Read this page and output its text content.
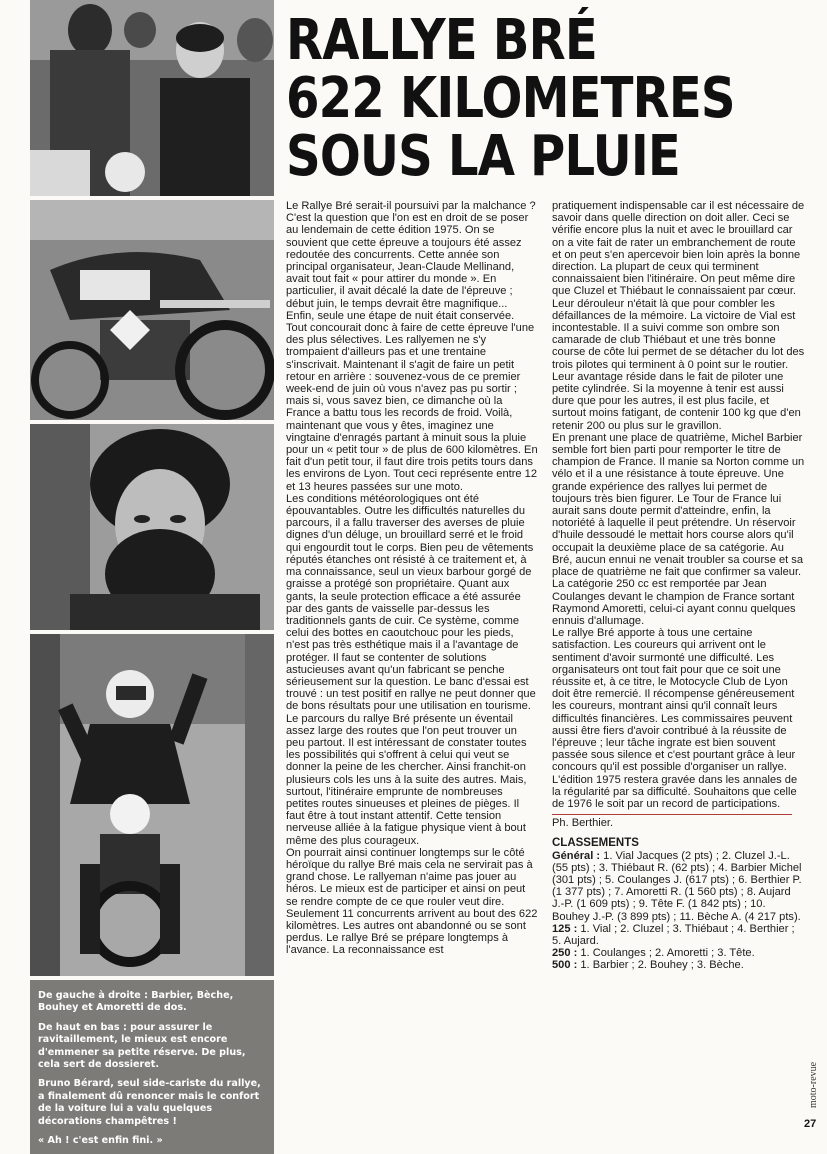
De gauche à droite : Barbier, Bèche, Bouhey et Amoretti de dos.

De haut en bas : pour assurer le ravitaillement, le mieux est encore d'emmener sa petite réserve. De plus, cela sert de dossieret.

Bruno Bérard, seul side-cariste du rallye, a finalement dû renoncer mais le confort de la voiture lui a valu quelques décorations champêtres !

« Ah ! c'est enfin fini. »

RALLYE BRÉ
622 KILOMETRES
SOUS LA PLUIE

Le Rallye Bré serait-il poursuivi par la malchance ? C'est la question que l'on est en droit de se poser au lendemain de cette édition 1975. On se souvient que cette épreuve a toujours été assez redoutée des concurrents. Cette année son principal organisateur, Jean-Claude Mellinand, avait tout fait « pour attirer du monde ». En particulier, il avait décalé la date de l'épreuve ; début juin, le temps devrait être magnifique... Enfin, seule une étape de nuit était conservée.

Tout concourait donc à faire de cette épreuve l'une des plus sélectives. Les rallyemen ne s'y trompaient d'ailleurs pas et une trentaine s'inscrivait. Maintenant il s'agit de faire un petit retour en arrière : souvenez-vous de ce premier week-end de juin où vous n'avez pas pu sortir ; mais si, vous savez bien, ce dimanche où la France a battu tous les records de froid. Voilà, maintenant que vous y êtes, imaginez une vingtaine d'enragés partant à minuit sous la pluie pour un « petit tour » de plus de 600 kilomètres. En fait d'un petit tour, il faut dire trois petits tours dans les environs de Lyon. Tout ceci représente entre 12 et 13 heures passées sur une moto.

Les conditions météorologiques ont été épouvantables. Outre les difficultés naturelles du parcours, il a fallu traverser des averses de pluie dignes d'un déluge, un brouillard serré et le froid qui engourdit tout le corps. Bien peu de vêtements réputés étanches ont résisté à ce traitement et, à ma connaissance, seul un vieux barbour gorgé de graisse a protégé son propriétaire. Quant aux gants, la seule protection efficace a été assurée par des gants de vaisselle par-dessus les traditionnels gants de cuir. Ce système, comme celui des bottes en caoutchouc pour les pieds, n'est pas très esthétique mais il a l'avantage de protéger. Il faut se contenter de solutions astucieuses avant qu'un fabricant se penche sérieusement sur la question. Le banc d'essai est trouvé : un test positif en rallye ne peut donner que de bons résultats pour une utilisation en tourisme.

Le parcours du rallye Bré présente un éventail assez large des routes que l'on peut trouver un peu partout. Il est intéressant de constater toutes les possibilités qui s'offrent à celui qui veut se donner la peine de les chercher. Ainsi franchit-on plusieurs cols les uns à la suite des autres. Mais, surtout, l'itinéraire emprunte de nombreuses petites routes sinueuses et pleines de pièges. Il faut être à tout instant attentif. Cette tension nerveuse alliée à la fatigue physique vient à bout même des plus courageux.

On pourrait ainsi continuer longtemps sur le côté héroïque du rallye Bré mais cela ne servirait pas à grand chose. Le rallyeman n'aime pas jouer au héros. Le mieux est de participer et ainsi on peut se rendre compte de ce que rouler veut dire.

Seulement 11 concurrents arrivent au bout des 622 kilomètres. Les autres ont abandonné ou se sont perdus. Le rallye Bré se prépare longtemps à l'avance. La reconnaissance est

pratiquement indispensable car il est nécessaire de savoir dans quelle direction on doit aller. Ceci se vérifie encore plus la nuit et avec le brouillard car on a vite fait de rater un embranchement de route et on peut s'en apercevoir bien loin après la bonne direction. La plupart de ceux qui terminent connaissaient bien l'itinéraire. On peut même dire que Cluzel et Thiébaut le connaissaient par cœur. Leur dérouleur n'était là que pour combler les défaillances de la mémoire. La victoire de Vial est incontestable. Il a suivi comme son ombre son camarade de club Thiébaut et une très bonne course de côte lui permet de se détacher du lot des trois pilotes qui terminent à 0 point sur le routier. Leur avantage réside dans le fait de piloter une petite cylindrée. Si la moyenne à tenir est aussi dure que pour les autres, il est plus facile, et surtout moins fatigant, de contenir 100 kg que d'en retenir 200 ou plus sur le gravillon.

En prenant une place de quatrième, Michel Barbier semble fort bien parti pour remporter le titre de champion de France. Il manie sa Norton comme un vélo et il a une résistance à toute épreuve. Une grande expérience des rallyes lui permet de toujours très bien figurer. Le Tour de France lui aurait sans doute permit d'atteindre, enfin, la notoriété à laquelle il peut prétendre. Un réservoir d'huile dessoudé le mettait hors course alors qu'il occupait la deuxième place de sa catégorie. Au Bré, aucun ennui ne venait troubler sa course et sa place de quatrième ne fait que confirmer sa valeur. La catégorie 250 cc est remportée par Jean Coulanges devant le champion de France sortant Raymond Amoretti, celui-ci ayant connu quelques ennuis d'allumage.

Le rallye Bré apporte à tous une certaine satisfaction. Les coureurs qui arrivent ont le sentiment d'avoir surmonté une difficulté. Les organisateurs ont tout fait pour que ce soit une réussite et, à ce titre, le Motocycle Club de Lyon doit être remercié. Il récompense généreusement les coureurs, montrant ainsi qu'il connaît leurs difficultés financières. Les commissaires peuvent aussi être fiers d'avoir contribué à la réussite de l'épreuve ; leur tâche ingrate est bien souvent passée sous silence et c'est pourtant grâce à leur concours qu'il est possible d'organiser un rallye. L'édition 1975 restera gravée dans les annales de la régularité par sa difficulté. Souhaitons que celle de 1976 le soit par un record de participations.

Ph. Berthier.

CLASSEMENTS

Général : 1. Vial Jacques (2 pts) ; 2. Cluzel J.-L. (55 pts) ; 3. Thiébaut R. (62 pts) ; 4. Barbier Michel (301 pts) ; 5. Coulanges J. (617 pts) ; 6. Berthier P. (1 377 pts) ; 7. Amoretti R. (1 560 pts) ; 8. Aujard J.-P. (1 609 pts) ; 9. Tête F. (1 842 pts) ; 10. Bouhey J.-P. (3 899 pts) ; 11. Bèche A. (4 217 pts).

125 : 1. Vial ; 2. Cluzel ; 3. Thiébaut ; 4. Berthier ; 5. Aujard.

250 : 1. Coulanges ; 2. Amoretti ; 3. Tête.

500 : 1. Barbier ; 2. Bouhey ; 3. Bèche.

moto-revue
27
